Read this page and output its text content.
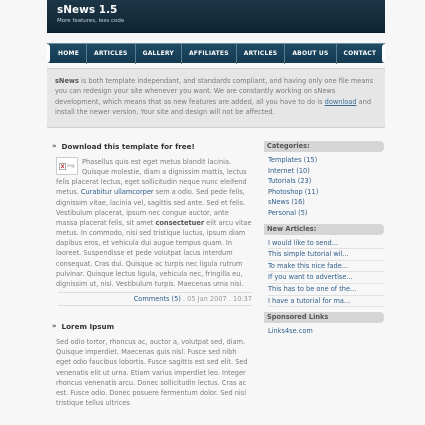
sNews 1.5
More features, less code
HOME	ARTICLES	GALLERY	AFFILIATES	ARTICLES	ABOUT US	CONTACT
sNews is both template independant, and standards compliant, and having only one file means you can redesign your site whenever you want. We are constantly working on sNews development, which means that as new features are added, all you have to do is download and install the newer version. Your site and design will not be affected.
» Download this template for free!
x img Phasellus quis est eget metus blandit lacinia. Quisque molestie, diam a dignissim mattis, lectus felis placerat lectus, eget sollicitudin neque nunc eleifend metus. Curabitur ullamcorper sem a odio. Sed pede felis, dignissim vitae, lacinia vel, sagittis sed ante. Sed et felis. Vestibulum placerat, ipsum nec congue auctor, ante massa placerat felis, sit amet consectetuer elit arcu vitae metus. In commodo, nisi sed tristique luctus, ipsum diam dapibus eros, et vehicula dui augue tempus quam. In laoreet. Suspendisse et pede volutpat lacus interdum consequat. Cras dui. Quisque ac turpis nec ligula rutrum pulvinar. Quisque lectus ligula, vehicula nec, fringilla eu, dignissim ut, nisl. Vestibulum turpis. Maecenas urna nisi.
Comments (5) . 05 Jan 2007 . 10:37
» Lorem Ipsum
Sed odio tortor, rhoncus ac, auctor a, volutpat sed, diam. Quisque imperdiet. Maecenas quis nisl. Fusce sed nibh eget odio faucibus lobortis. Fusce sagittis est sed elit. Sed venenatis elit ut urna. Etiam varius imperdiet leo. Integer rhoncus venenatis arcu. Donec sollicitudin lectus. Cras ac est. Fusce odio. Donec posuere fermentum dolor. Sed nisi tristique tellus ultrices
Categories:
Templates (15)
Internet (10)
Tutorials (23)
Photoshop (11)
sNews (16)
Personal (5)
New Articles:
I would like to send...
This simple tutorial wil...
To make this nice fade...
If you want to advertise...
This has to be one of the...
I have a tutorial for ma...
Sponsored Links
Links4se.com
